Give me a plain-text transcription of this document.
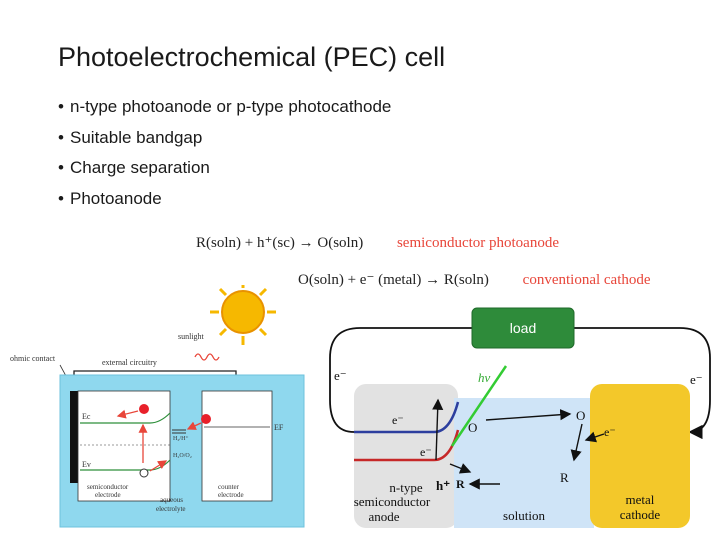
Photoelectrochemical (PEC) cell
• n-type photoanode or p-type photocathode
• Suitable bandgap
• Charge separation
• Photoanode
R(soln) + h⁺(sc) → O(soln) semiconductor photoanode
O(soln) + e⁻ (metal) → R(soln) conventional cathode
sunlight
ohmic contact	external circuitry
Ec
Ev
EF
H₂/H⁺
H₂O/O₂
semiconductor
electrode
counter
electrode
aqueous
electrolyte
load
e⁻	e⁻
hν
e⁻
e⁻
h⁺
O
R
O
R
e⁻
n-type
semiconductor
anode	solution
metal
cathode
